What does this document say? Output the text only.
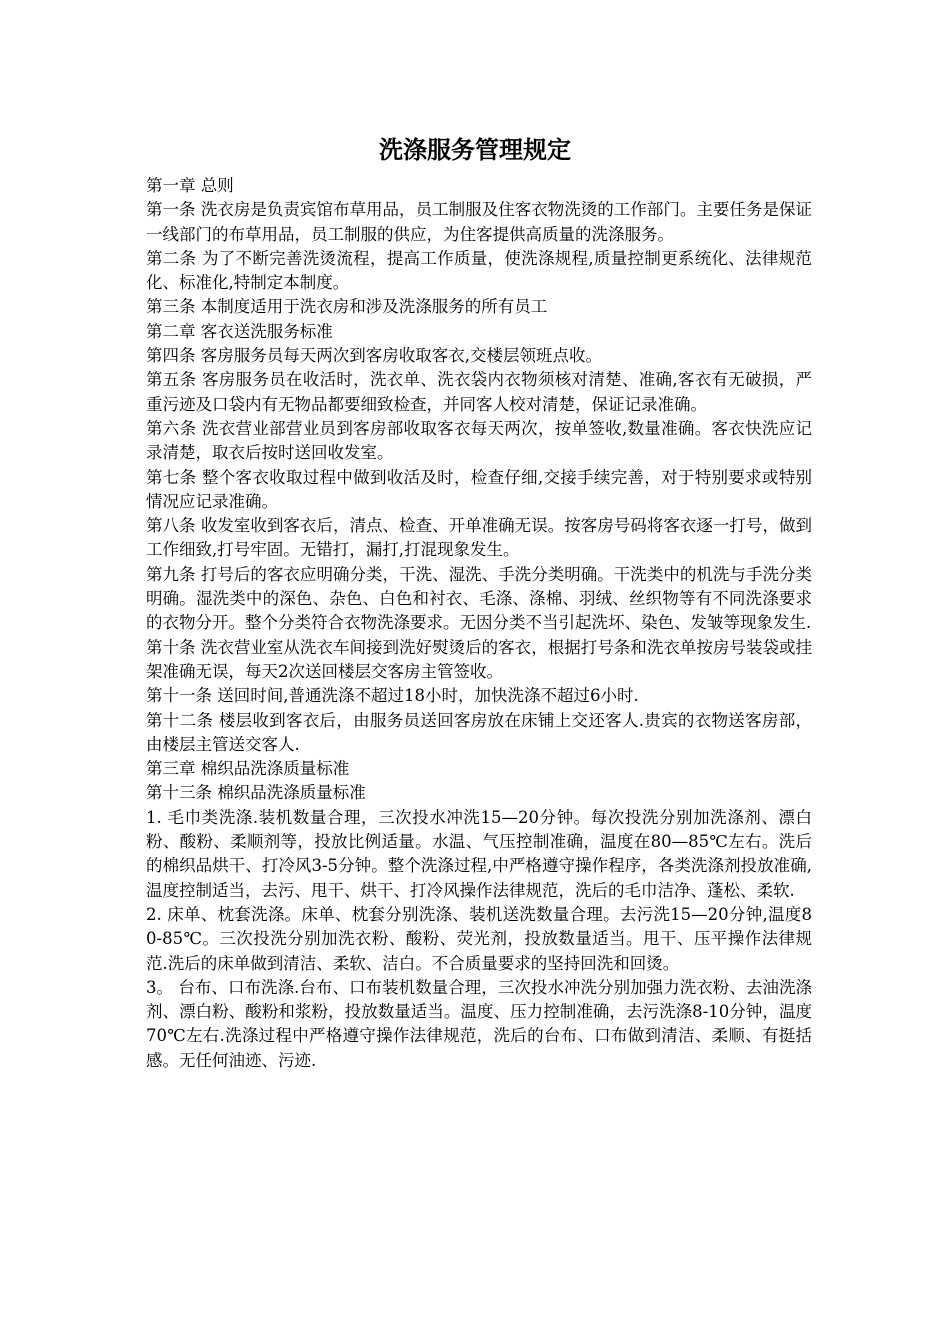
洗涤服务管理规定

第一章 总则

第一条 洗衣房是负责宾馆布草用品，员工制服及住客衣物洗烫的工作部门。主要任务是保证一线部门的布草用品，员工制服的供应，为住客提供高质量的洗涤服务。

第二条 为了不断完善洗烫流程，提高工作质量，使洗涤规程,质量控制更系统化、法律规范化、标准化,特制定本制度。

第三条 本制度适用于洗衣房和涉及洗涤服务的所有员工

第二章 客衣送洗服务标准

第四条 客房服务员每天两次到客房收取客衣,交楼层领班点收。

第五条 客房服务员在收活时，洗衣单、洗衣袋内衣物须核对清楚、准确,客衣有无破损，严重污迹及口袋内有无物品都要细致检查，并同客人校对清楚，保证记录准确。

第六条 洗衣营业部营业员到客房部收取客衣每天两次，按单签收,数量准确。客衣快洗应记录清楚，取衣后按时送回收发室。

第七条 整个客衣收取过程中做到收活及时，检查仔细,交接手续完善，对于特别要求或特别情况应记录准确。

第八条 收发室收到客衣后，清点、检查、开单准确无误。按客房号码将客衣逐一打号，做到工作细致,打号牢固。无错打，漏打,打混现象发生。

第九条 打号后的客衣应明确分类，干洗、湿洗、手洗分类明确。干洗类中的机洗与手洗分类明确。湿洗类中的深色、杂色、白色和衬衣、毛涤、涤棉、羽绒、丝织物等有不同洗涤要求的衣物分开。整个分类符合衣物洗涤要求。无因分类不当引起洗坏、染色、发皱等现象发生.

第十条 洗衣营业室从洗衣车间接到洗好熨烫后的客衣，根据打号条和洗衣单按房号装袋或挂架准确无误，每天2次送回楼层交客房主管签收。

第十一条 送回时间,普通洗涤不超过18小时，加快洗涤不超过6小时.

第十二条 楼层收到客衣后，由服务员送回客房放在床铺上交还客人.贵宾的衣物送客房部，由楼层主管送交客人.

第三章 棉织品洗涤质量标准

第十三条 棉织品洗涤质量标准

1. 毛巾类洗涤.装机数量合理，三次投水冲洗15—20分钟。每次投洗分别加洗涤剂、漂白粉、酸粉、柔顺剂等，投放比例适量。水温、气压控制准确，温度在80—85℃左右。洗后的棉织品烘干、打冷风3-5分钟。整个洗涤过程,中严格遵守操作程序，各类洗涤剂投放准确,温度控制适当，去污、甩干、烘干、打冷风操作法律规范，洗后的毛巾洁净、蓬松、柔软.

2. 床单、枕套洗涤。床单、枕套分别洗涤、装机送洗数量合理。去污洗15—20分钟,温度80-85℃。三次投洗分别加洗衣粉、酸粉、荧光剂，投放数量适当。甩干、压平操作法律规范.洗后的床单做到清洁、柔软、洁白。不合质量要求的坚持回洗和回烫。

3。 台布、口布洗涤.台布、口布装机数量合理，三次投水冲洗分别加强力洗衣粉、去油洗涤剂、漂白粉、酸粉和浆粉，投放数量适当。温度、压力控制准确，去污洗涤8-10分钟，温度70℃左右.洗涤过程中严格遵守操作法律规范，洗后的台布、口布做到清洁、柔顺、有挺括感。无任何油迹、污迹.
